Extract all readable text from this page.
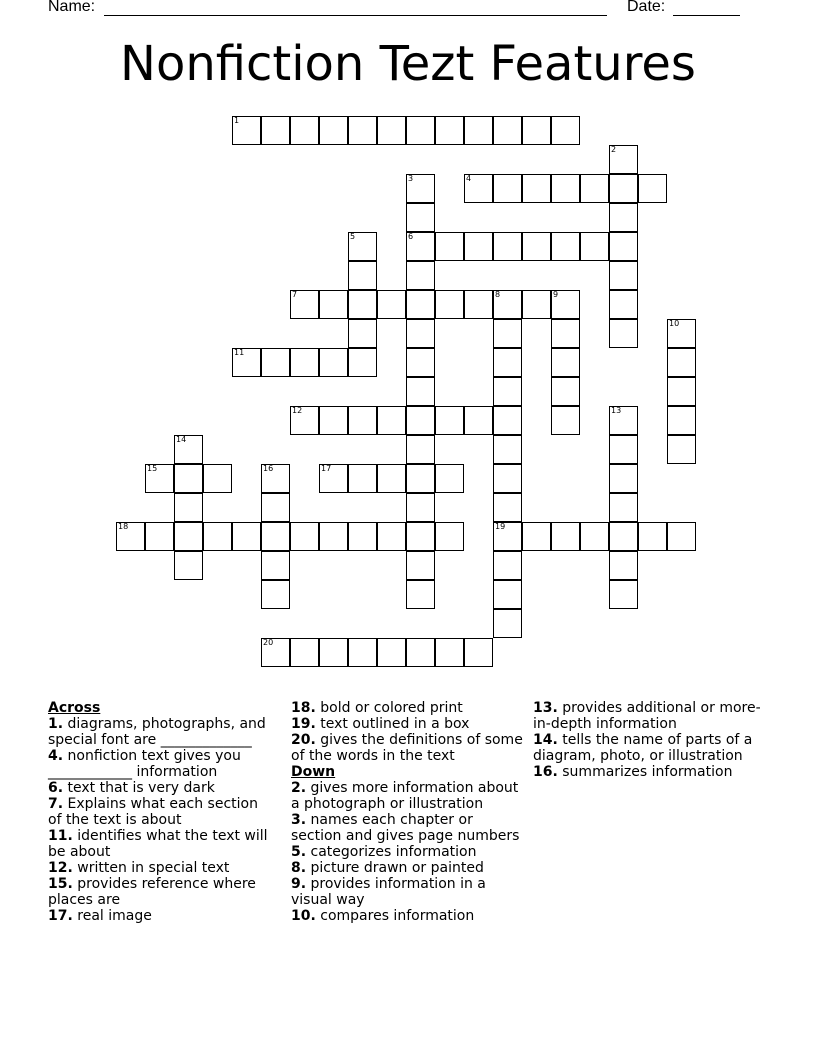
Name:	Date:
Nonfiction Tezt Features
1
2
3	4
5	6
7	8	9
10
11
12	13
14
15	16	17
18	19
20
Across
1. diagrams, photographs, and special font are _____________
4. nonfiction text gives you ____________ information
6. text that is very dark
7. Explains what each section of the text is about
11. identifies what the text will be about
12. written in special text
15. provides reference where places are
17. real image
18. bold or colored print
19. text outlined in a box
20. gives the definitions of some of the words in the text
Down
2. gives more information about a photograph or illustration
3. names each chapter or section and gives page numbers
5. categorizes information
8. picture drawn or painted
9. provides information in a visual way
10. compares information
13. provides additional or more-in-depth information
14. tells the name of parts of a diagram, photo, or illustration
16. summarizes information
